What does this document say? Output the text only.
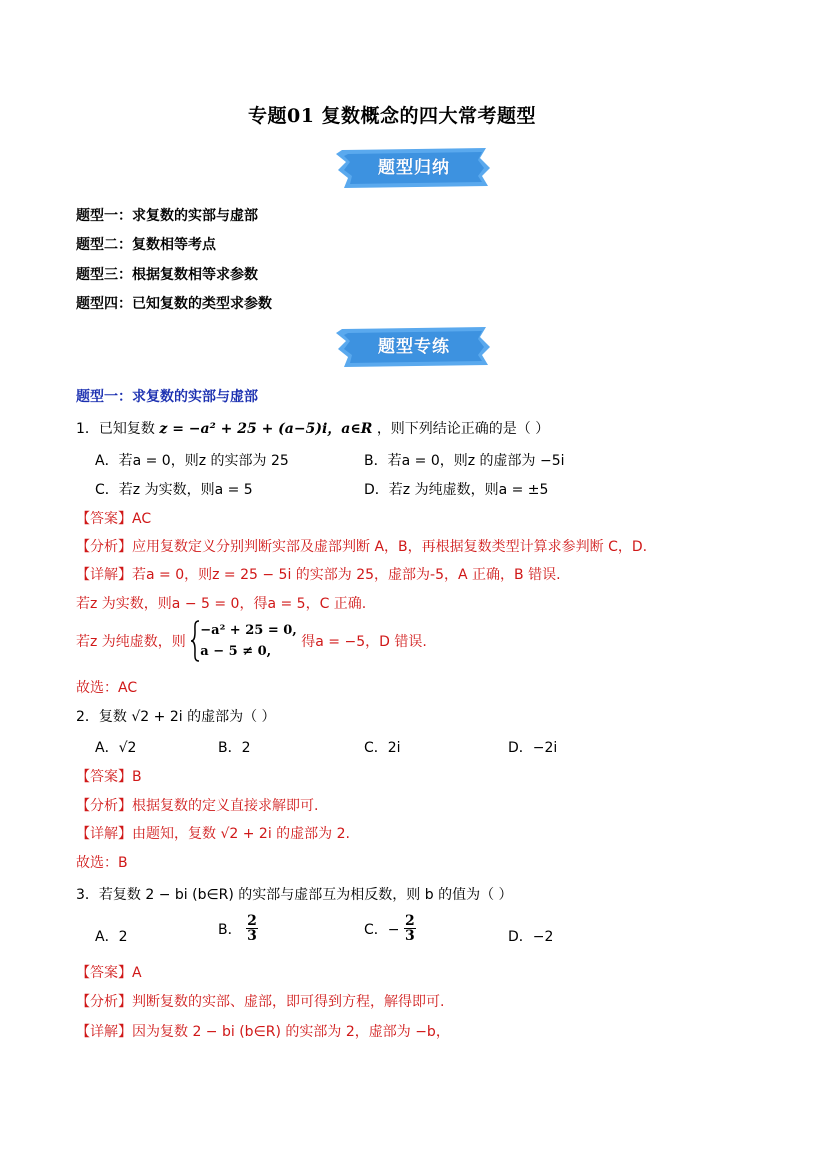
专题01 复数概念的四大常考题型
题型归纳
题型一：求复数的实部与虚部
题型二：复数相等考点
题型三：根据复数相等求参数
题型四：已知复数的类型求参数
题型专练
题型一：求复数的实部与虚部
1．已知复数 z = −a² + 25 + (a−5)i，a∈R ，则下列结论正确的是（ ）
A．若a = 0，则z 的实部为 25	B．若a = 0，则z 的虚部为 −5i
C．若z 为实数，则a = 5	D．若z 为纯虚数，则a = ±5
【答案】AC
【分析】应用复数定义分别判断实部及虚部判断 A，B，再根据复数类型计算求参判断 C，D.
【详解】若a = 0，则z = 25 − 5i 的实部为 25，虚部为-5，A 正确，B 错误.
若z 为实数，则a − 5 = 0，得a = 5，C 正确.
若z 为纯虚数，则
−a² + 25 = 0,
a − 5 ≠ 0,
得a = −5，D 错误.
故选：AC
2．复数 √2 + 2i 的虚部为（ ）
A．√2	B．2	C．2i	D．−2i
【答案】B
【分析】根据复数的定义直接求解即可.
【详解】由题知，复数 √2 + 2i 的虚部为 2.
故选：B
3．若复数 2 − bi (b∈R) 的实部与虚部互为相反数，则 b 的值为（ ）
A．2	B． $\frac{2}{3}$	C．− $\frac{2}{3}$	D．−2
【答案】A
【分析】判断复数的实部、虚部，即可得到方程，解得即可.
【详解】因为复数 2 − bi (b∈R) 的实部为 2，虚部为 −b，
